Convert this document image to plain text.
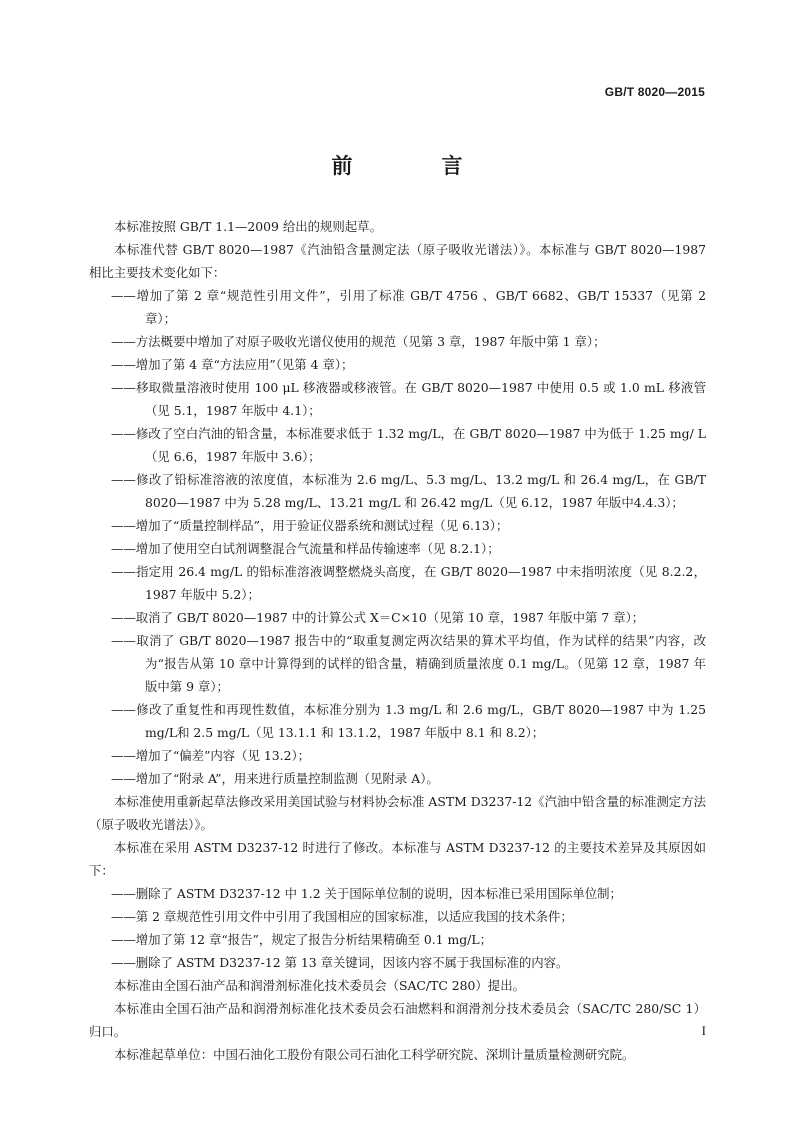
GB/T 8020—2015
前　言

本标准按照 GB/T 1.1—2009 给出的规则起草。

本标准代替 GB/T 8020—1987《汽油铅含量测定法（原子吸收光谱法）》。本标准与 GB/T 8020—1987 相比主要技术变化如下：

——增加了第 2 章“规范性引用文件”，引用了标准 GB/T 4756 、GB/T 6682、GB/T 15337（见第 2 章）；

——方法概要中增加了对原子吸收光谱仪使用的规范（见第 3 章，1987 年版中第 1 章）；

——增加了第 4 章“方法应用”（见第 4 章）；

——移取微量溶液时使用 100 μL 移液器或移液管。在 GB/T 8020—1987 中使用 0.5 或 1.0 mL 移液管（见 5.1，1987 年版中 4.1）；

——修改了空白汽油的铅含量，本标准要求低于 1.32 mg/L，在 GB/T 8020—1987 中为低于 1.25 mg/ L（见 6.6，1987 年版中 3.6）；

——修改了铅标准溶液的浓度值，本标准为 2.6 mg/L、5.3 mg/L、13.2 mg/L 和 26.4 mg/L，在 GB/T 8020—1987 中为 5.28 mg/L、13.21 mg/L 和 26.42 mg/L（见 6.12，1987 年版中4.4.3）；

——增加了“质量控制样品”，用于验证仪器系统和测试过程（见 6.13）；

——增加了使用空白试剂调整混合气流量和样品传输速率（见 8.2.1）；

——指定用 26.4 mg/L 的铅标准溶液调整燃烧头高度，在 GB/T 8020—1987 中未指明浓度（见 8.2.2，1987 年版中 5.2）；

——取消了 GB/T 8020—1987 中的计算公式 X＝C×10（见第 10 章，1987 年版中第 7 章）；

——取消了 GB/T 8020—1987 报告中的“取重复测定两次结果的算术平均值，作为试样的结果”内容，改为“报告从第 10 章中计算得到的试样的铅含量，精确到质量浓度 0.1 mg/L。（见第 12 章，1987 年版中第 9 章）；

——修改了重复性和再现性数值，本标准分别为 1.3 mg/L 和 2.6 mg/L，GB/T 8020—1987 中为 1.25 mg/L和 2.5 mg/L（见 13.1.1 和 13.1.2，1987 年版中 8.1 和 8.2）；

——增加了“偏差”内容（见 13.2）；

——增加了“附录 A”，用来进行质量控制监测（见附录 A）。

本标准使用重新起草法修改采用美国试验与材料协会标准 ASTM D3237-12《汽油中铅含量的标准测定方法（原子吸收光谱法）》。

本标准在采用 ASTM D3237-12 时进行了修改。本标准与 ASTM D3237-12 的主要技术差异及其原因如下：

——删除了 ASTM D3237-12 中 1.2 关于国际单位制的说明，因本标准已采用国际单位制；

——第 2 章规范性引用文件中引用了我国相应的国家标准，以适应我国的技术条件；

——增加了第 12 章“报告”，规定了报告分析结果精确至 0.1 mg/L；

——删除了 ASTM D3237-12 第 13 章关键词，因该内容不属于我国标准的内容。

本标准由全国石油产品和润滑剂标准化技术委员会（SAC/TC 280）提出。

本标准由全国石油产品和润滑剂标准化技术委员会石油燃料和润滑剂分技术委员会（SAC/TC 280/SC 1）归口。

本标准起草单位：中国石油化工股份有限公司石油化工科学研究院、深圳计量质量检测研究院。

I
